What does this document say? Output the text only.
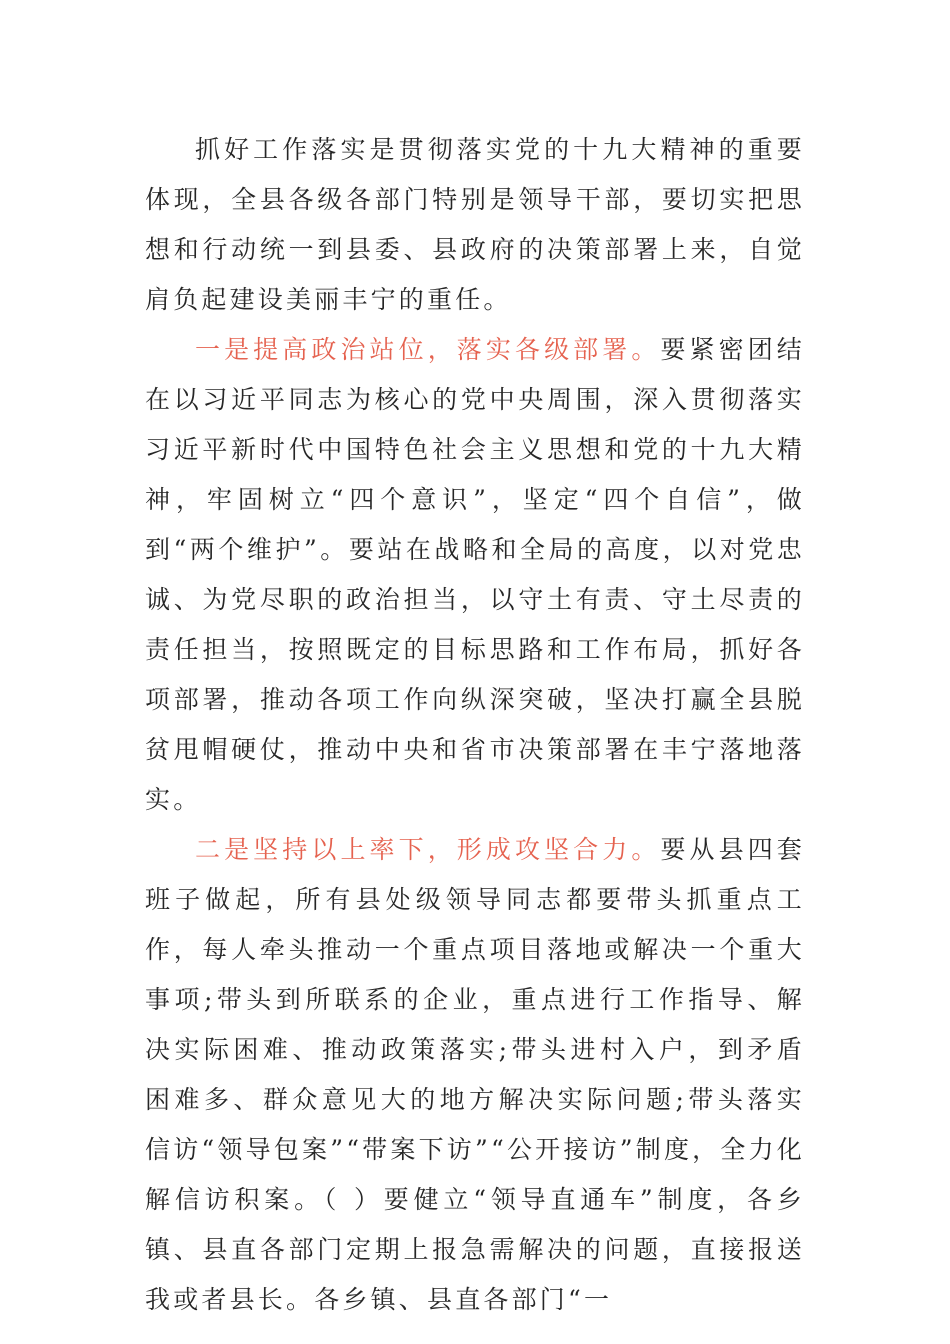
抓好工作落实是贯彻落实党的十九大精神的重要体现，全县各级各部门特别是领导干部，要切实把思想和行动统一到县委、县政府的决策部署上来，自觉肩负起建设美丽丰宁的重任。

一是提高政治站位，落实各级部署。要紧密团结在以习近平同志为核心的党中央周围，深入贯彻落实习近平新时代中国特色社会主义思想和党的十九大精神，牢固树立“四个意识”，坚定“四个自信”，做到“两个维护”。要站在战略和全局的高度，以对党忠诚、为党尽职的政治担当，以守土有责、守土尽责的责任担当，按照既定的目标思路和工作布局，抓好各项部署，推动各项工作向纵深突破，坚决打赢全县脱贫甩帽硬仗，推动中央和省市决策部署在丰宁落地落实。

二是坚持以上率下，形成攻坚合力。要从县四套班子做起，所有县处级领导同志都要带头抓重点工作，每人牵头推动一个重点项目落地或解决一个重大事项;带头到所联系的企业，重点进行工作指导、解决实际困难、推动政策落实;带头进村入户，到矛盾困难多、群众意见大的地方解决实际问题;带头落实信访“领导包案”“带案下访”“公开接访”制度，全力化解信访积案。（ ）要健立“领导直通车”制度，各乡镇、县直各部门定期上报急需解决的问题，直接报送我或者县长。各乡镇、县直各部门“一
